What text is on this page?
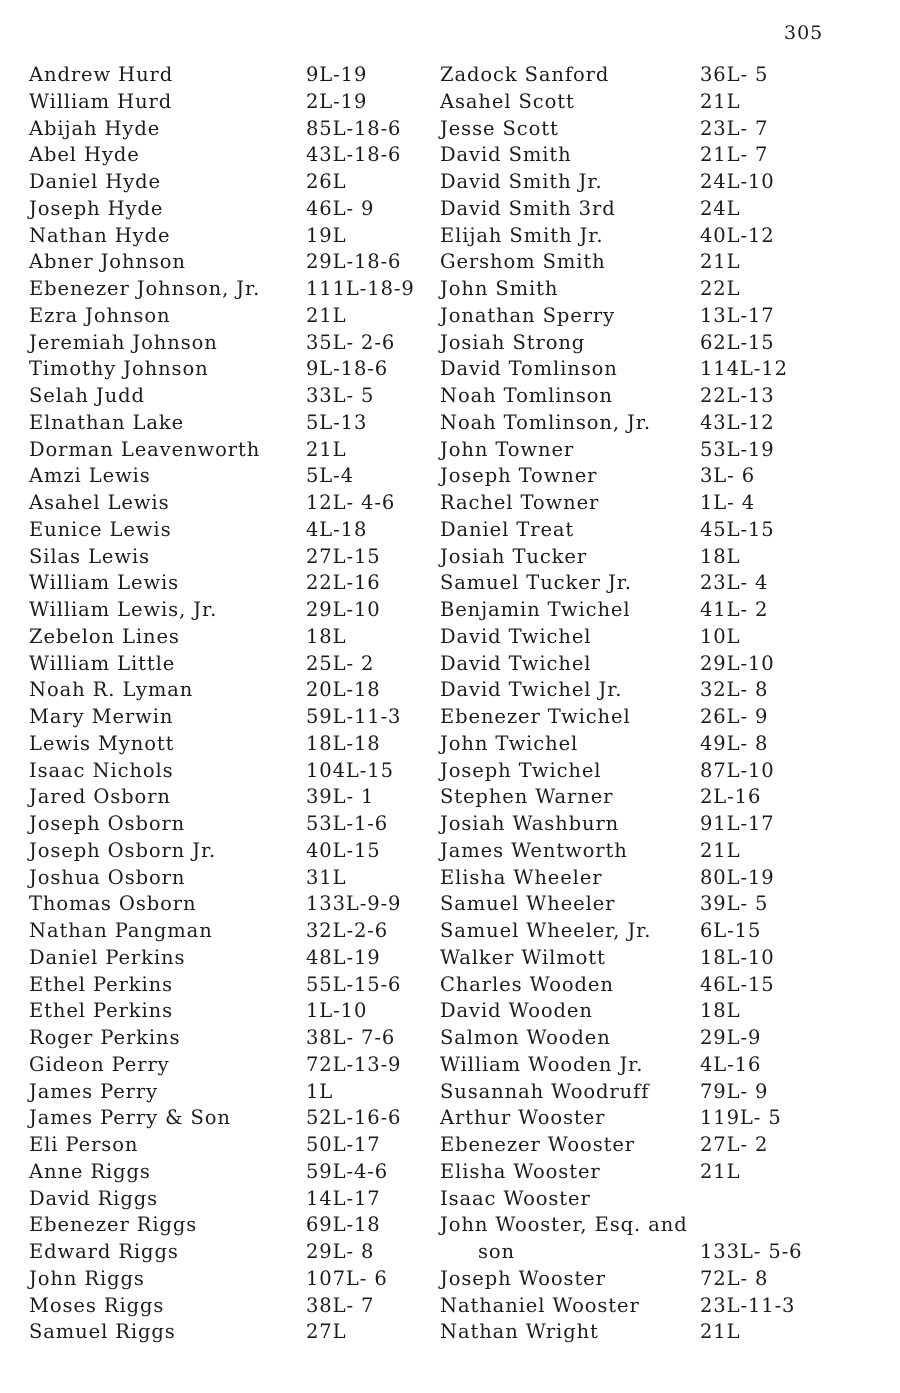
305
Andrew Hurd	9L-19
William Hurd	2L-19
Abijah Hyde	85L-18-6
Abel Hyde	43L-18-6
Daniel Hyde	26L
Joseph Hyde	46L- 9
Nathan Hyde	19L
Abner Johnson	29L-18-6
Ebenezer Johnson, Jr. 111L-18-9
Ezra Johnson	21L
Jeremiah Johnson	35L- 2-6
Timothy Johnson	9L-18-6
Selah Judd	33L- 5
Elnathan Lake	5L-13
Dorman Leavenworth 21L
Amzi Lewis	5L-4
Asahel Lewis	12L- 4-6
Eunice Lewis	4L-18
Silas Lewis	27L-15
William Lewis	22L-16
William Lewis, Jr.	29L-10
Zebelon Lines	18L
William Little	25L- 2
Noah R. Lyman	20L-18
Mary Merwin	59L-11-3
Lewis Mynott	18L-18
Isaac Nichols	104L-15
Jared Osborn	39L- 1
Joseph Osborn	53L-1-6
Joseph Osborn Jr.	40L-15
Joshua Osborn	31L
Thomas Osborn	133L-9-9
Nathan Pangman	32L-2-6
Daniel Perkins	48L-19
Ethel Perkins	55L-15-6
Ethel Perkins	1L-10
Roger Perkins	38L- 7-6
Gideon Perry	72L-13-9
James Perry	1L
James Perry & Son	52L-16-6
Eli Person	50L-17
Anne Riggs	59L-4-6
David Riggs	14L-17
Ebenezer Riggs	69L-18
Edward Riggs	29L- 8
John Riggs	107L- 6
Moses Riggs	38L- 7
Samuel Riggs	27L
Zadock Sanford	36L- 5
Asahel Scott	21L
Jesse Scott	23L- 7
David Smith	21L- 7
David Smith Jr.	24L-10
David Smith 3rd	24L
Elijah Smith Jr.	40L-12
Gershom Smith	21L
John Smith	22L
Jonathan Sperry	13L-17
Josiah Strong	62L-15
David Tomlinson	114L-12
Noah Tomlinson	22L-13
Noah Tomlinson, Jr.	43L-12
John Towner	53L-19
Joseph Towner	3L- 6
Rachel Towner	1L- 4
Daniel Treat	45L-15
Josiah Tucker	18L
Samuel Tucker Jr.	23L- 4
Benjamin Twichel	41L- 2
David Twichel	10L
David Twichel	29L-10
David Twichel Jr.	32L- 8
Ebenezer Twichel	26L- 9
John Twichel	49L- 8
Joseph Twichel	87L-10
Stephen Warner	2L-16
Josiah Washburn	91L-17
James Wentworth	21L
Elisha Wheeler	80L-19
Samuel Wheeler	39L- 5
Samuel Wheeler, Jr. 6L-15
Walker Wilmott	18L-10
Charles Wooden	46L-15
David Wooden	18L
Salmon Wooden	29L-9
William Wooden Jr.	4L-16
Susannah Woodruff	79L- 9
Arthur Wooster	119L- 5
Ebenezer Wooster	27L- 2
Elisha Wooster	21L
Isaac Wooster
John Wooster, Esq. and
son	133L- 5-6
Joseph Wooster	72L- 8
Nathaniel Wooster	23L-11-3
Nathan Wright	21L
